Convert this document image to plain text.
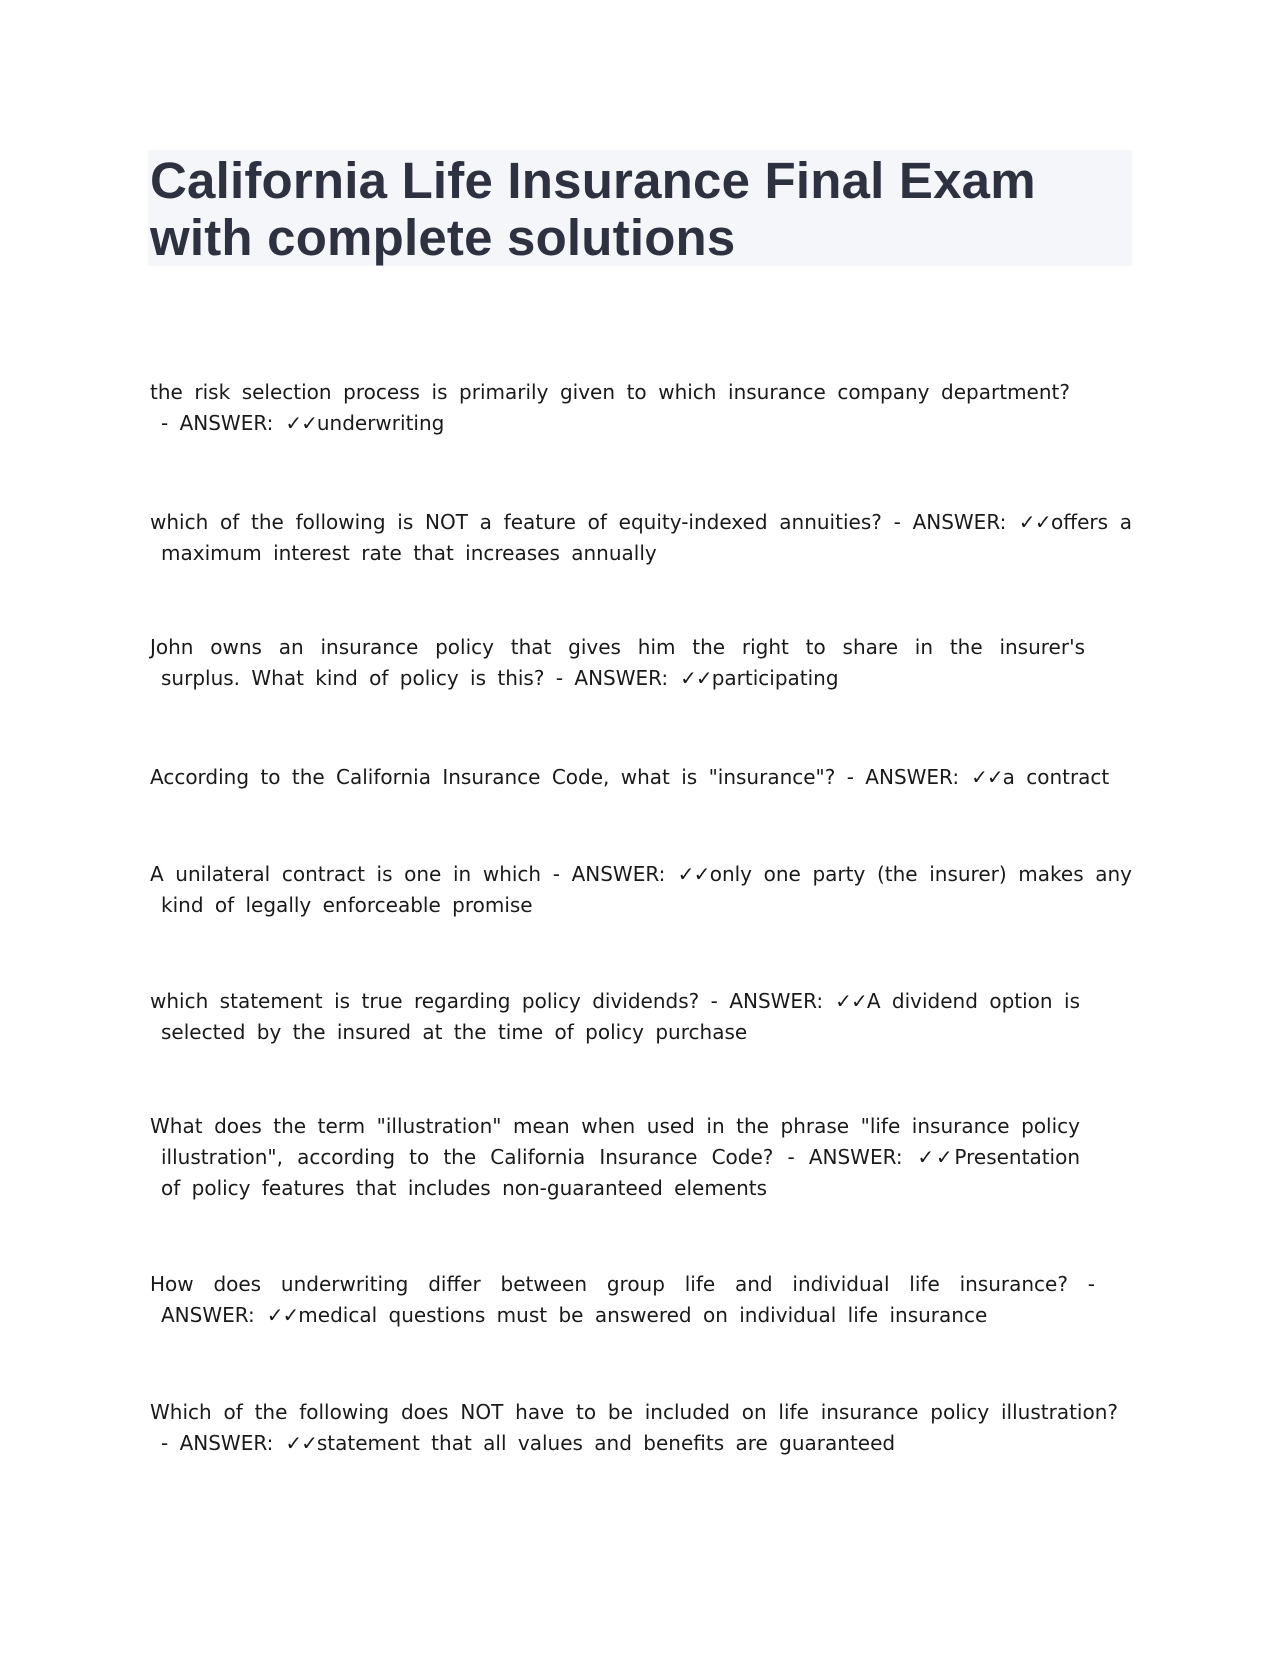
California Life Insurance Final Exam with complete solutions

the risk selection process is primarily given to which insurance company department? - ANSWER: ✓✓underwriting

which of the following is NOT a feature of equity-indexed annuities? - ANSWER: ✓✓offers a maximum interest rate that increases annually

John owns an insurance policy that gives him the right to share in the insurer's surplus. What kind of policy is this? - ANSWER: ✓✓participating

According to the California Insurance Code, what is "insurance"? - ANSWER: ✓✓a contract

A unilateral contract is one in which - ANSWER: ✓✓only one party (the insurer) makes any kind of legally enforceable promise

which statement is true regarding policy dividends? - ANSWER: ✓✓A dividend option is selected by the insured at the time of policy purchase

What does the term "illustration" mean when used in the phrase "life insurance policy illustration", according to the California Insurance Code? - ANSWER: ✓✓Presentation of policy features that includes non-guaranteed elements

How does underwriting differ between group life and individual life insurance? - ANSWER: ✓✓medical questions must be answered on individual life insurance

Which of the following does NOT have to be included on life insurance policy illustration? - ANSWER: ✓✓statement that all values and benefits are guaranteed
